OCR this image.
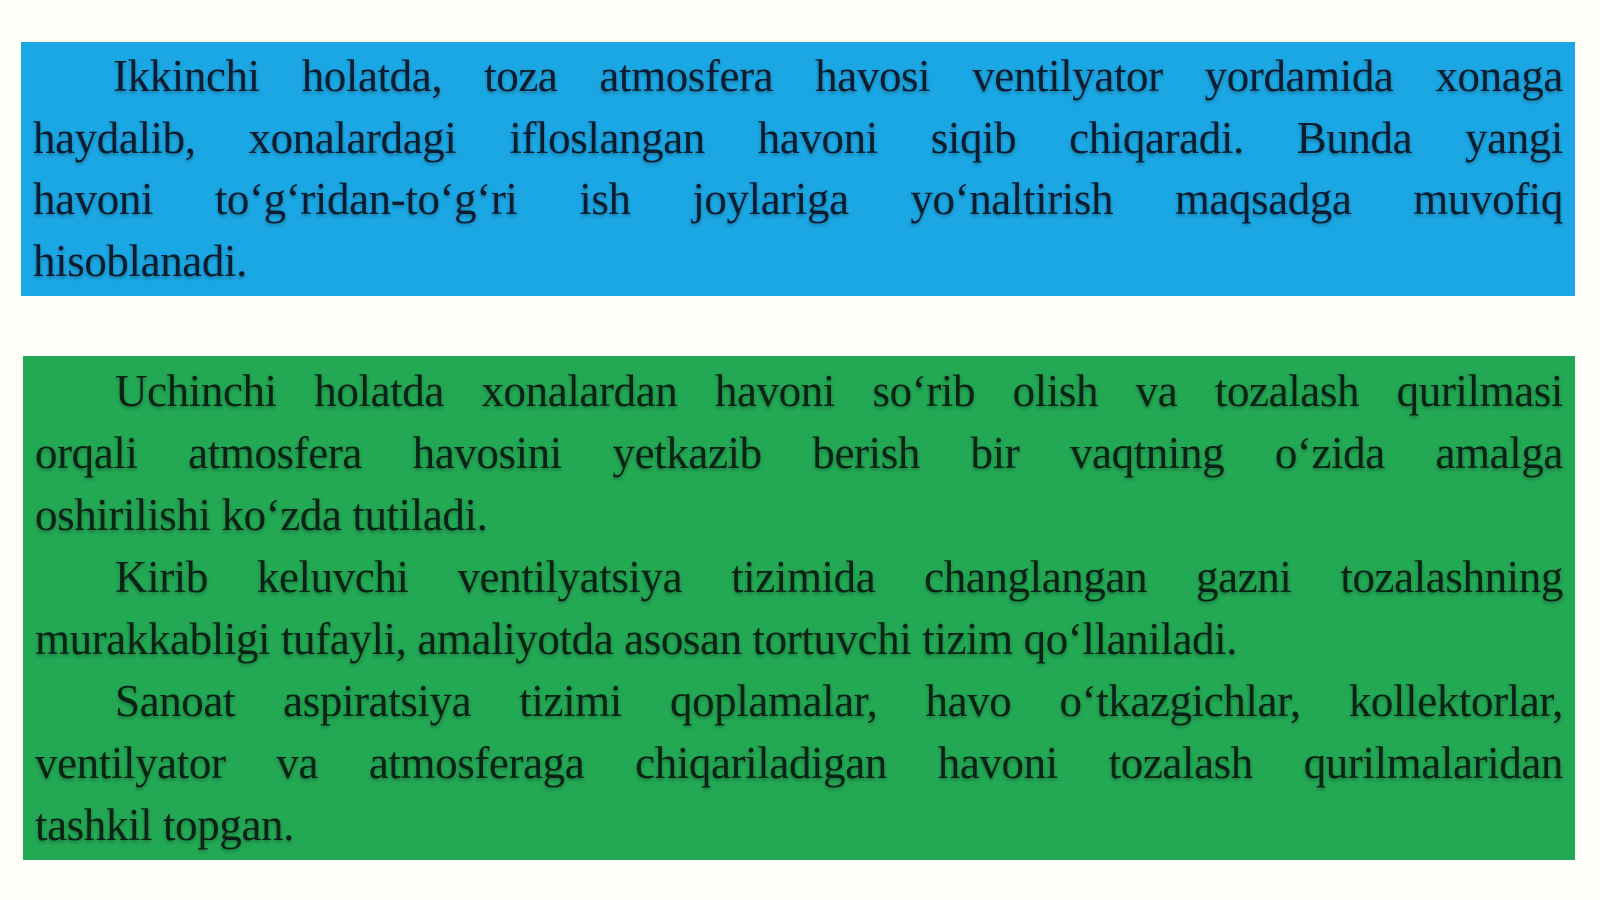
Ikkinchi holatda, toza atmosfera havosi ventilyator yordamida xonaga
haydalib, xonalardagi ifloslangan havoni siqib chiqaradi. Bunda yangi
havoni to‘g‘ridan-to‘g‘ri ish joylariga yo‘naltirish maqsadga muvofiq
hisoblanadi.
Uchinchi holatda xonalardan havoni so‘rib olish va tozalash qurilmasi
orqali atmosfera havosini yetkazib berish bir vaqtning o‘zida amalga
oshirilishi ko‘zda tutiladi.
Kirib keluvchi ventilyatsiya tizimida changlangan gazni tozalashning
murakkabligi tufayli, amaliyotda asosan tortuvchi tizim qo‘llaniladi.
Sanoat aspiratsiya tizimi qoplamalar, havo o‘tkazgichlar, kollektorlar,
ventilyator va atmosferaga chiqariladigan havoni tozalash qurilmalaridan
tashkil topgan.
